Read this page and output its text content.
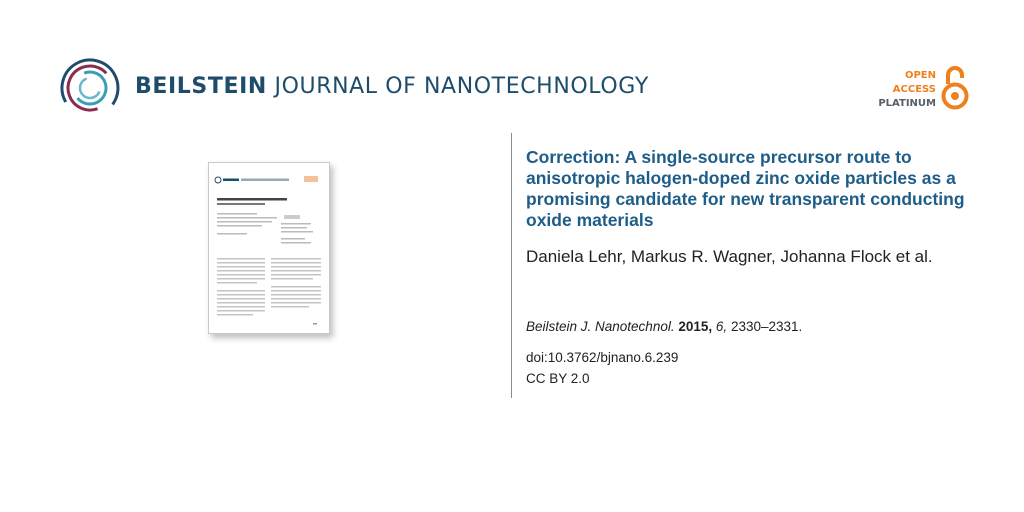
BEILSTEIN JOURNAL OF NANOTECHNOLOGY	OPEN
ACCESS
PLATINUM
Correction: A single-source precursor route to anisotropic halogen-doped zinc oxide particles as a promising candidate for new transparent conducting oxide materials

Daniela Lehr, Markus R. Wagner, Johanna Flock et al.

Beilstein J. Nanotechnol. 2015, 6, 2330–2331.
doi:10.3762/bjnano.6.239
CC BY 2.0
